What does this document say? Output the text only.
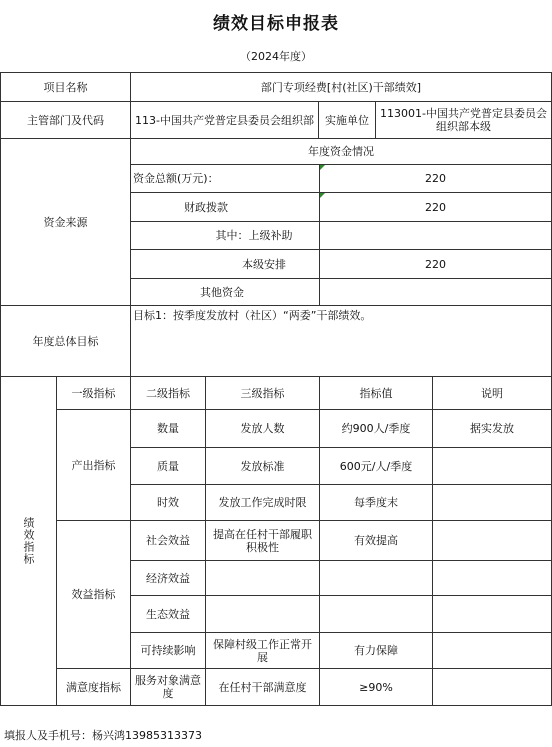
绩效目标申报表
（2024年度）
项目名称	部门专项经费[村(社区)干部绩效]
主管部门及代码	113-中国共产党普定县委员会组织部	实施单位	113001-中国共产党普定县委员会组织部本级
资金来源
年度资金情况
资金总额(万元)：	220
财政拨款	220
其中：上级补助
本级安排	220
其他资金
年度总体目标
目标1：按季度发放村（社区）“两委”干部绩效。
绩效指标
一级指标	二级指标	三级指标	指标值	说明
产出指标
数量	发放人数	约900人/季度	据实发放
质量	发放标准	600元/人/季度
时效	发放工作完成时限	每季度末
效益指标
社会效益	提高在任村干部履职积极性	有效提高
经济效益
生态效益
可持续影响	保障村级工作正常开展	有力保障
满意度指标	服务对象满意度	在任村干部满意度	≥90%
填报人及手机号：杨兴鸿13985313373
